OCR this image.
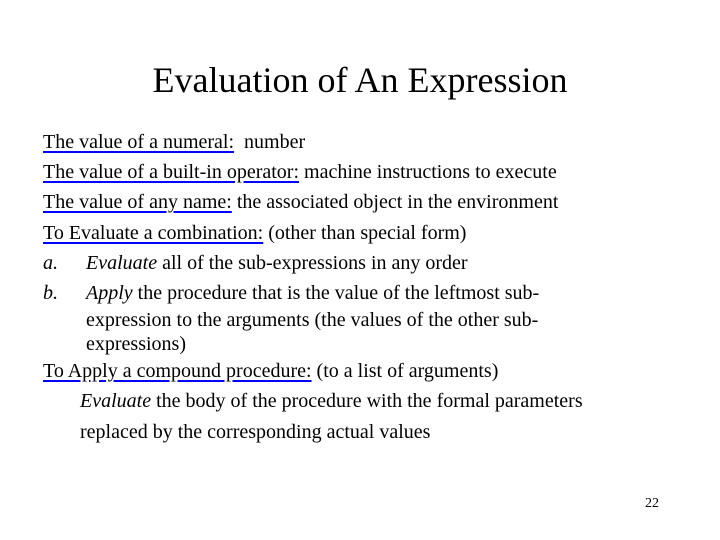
Evaluation of An Expression
The value of a numeral: number
The value of a built-in operator: machine instructions to execute
The value of any name: the associated object in the environment
To Evaluate a combination: (other than special form)
a. Evaluate all of the sub-expressions in any order
b. Apply the procedure that is the value of the leftmost sub-
expression to the arguments (the values of the other sub-
expressions)
To Apply a compound procedure: (to a list of arguments)
Evaluate the body of the procedure with the formal parameters
replaced by the corresponding actual values
22
